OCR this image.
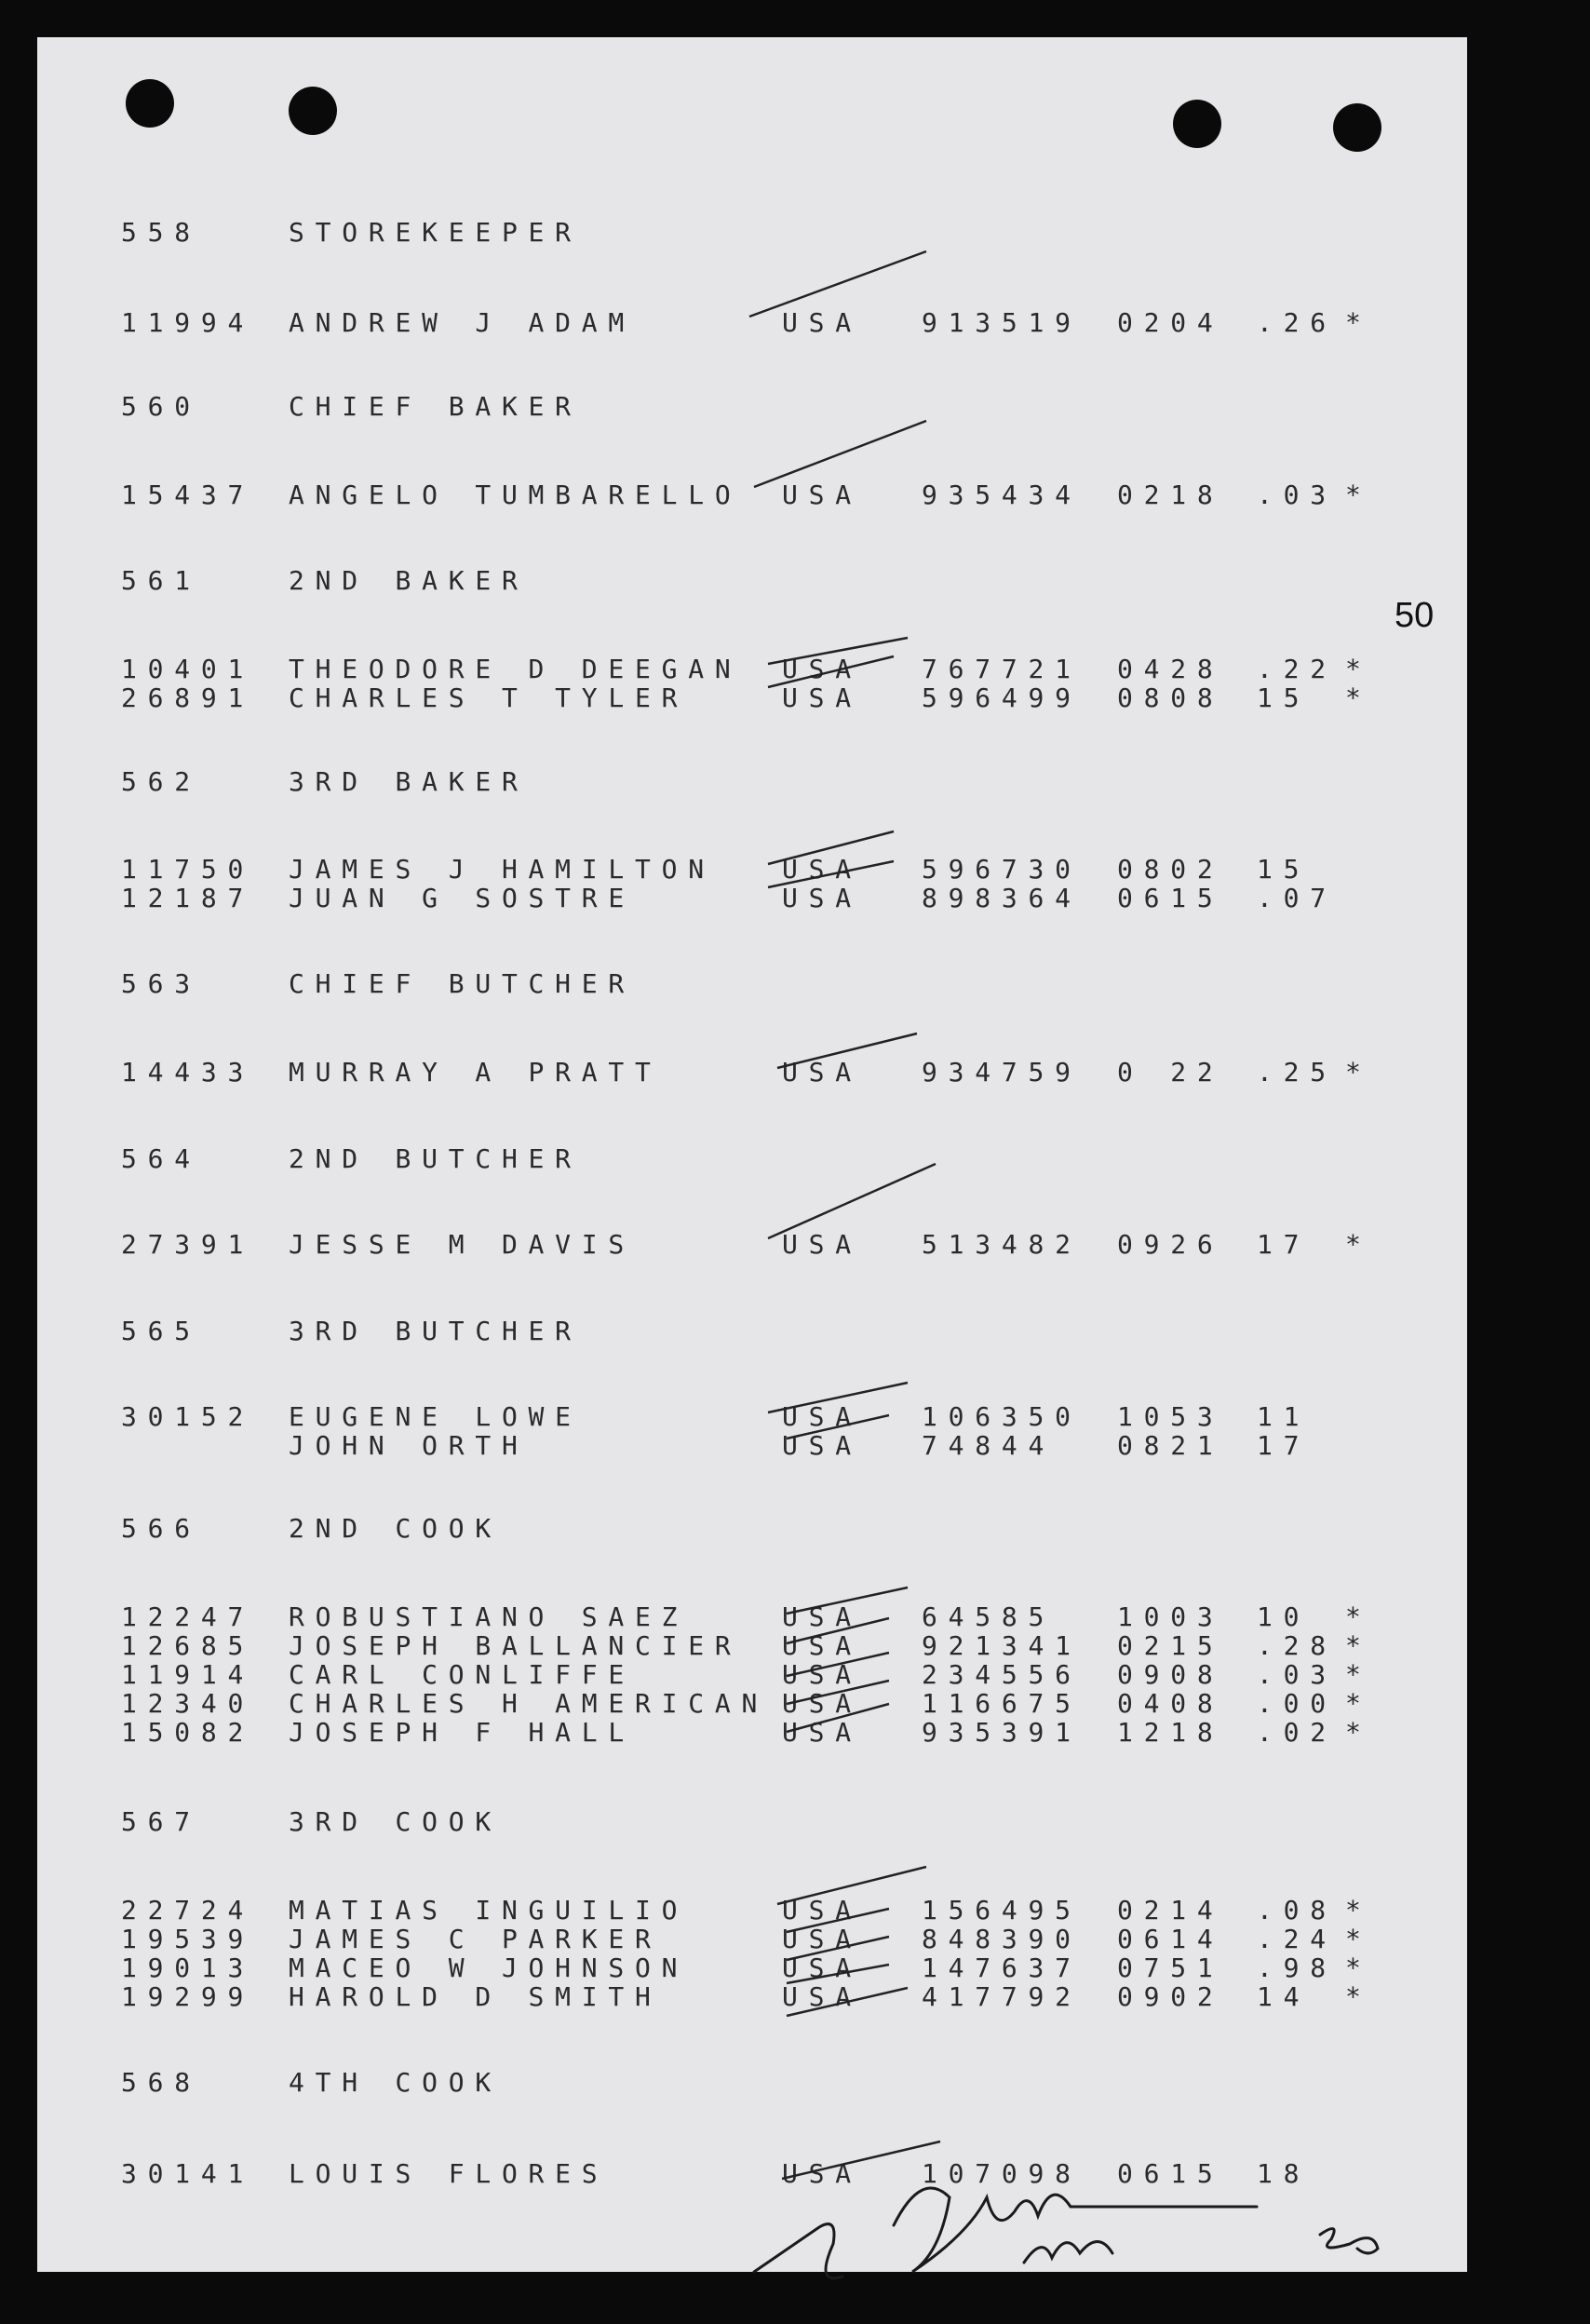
50
558	STOREKEEPER
11994 ANDREW J ADAM	USA 913519 0204 .26 *
560	CHIEF BAKER
15437 ANGELO TUMBARELLO USA 935434 0218 .03 *
561	2ND BAKER
10401 THEODORE D DEEGAN USA 767721 0428 .22 *
26891 CHARLES T TYLER	USA 596499 0808 15 *
562	3RD BAKER
11750 JAMES J HAMILTON	USA 596730 0802 15
12187 JUAN G SOSTRE	USA 898364 0615 .07
563	CHIEF BUTCHER
14433 MURRAY A PRATT	USA 934759 0 22 .25 *
564	2ND BUTCHER
27391 JESSE M DAVIS	USA 513482 0926 17 *
565	3RD BUTCHER
30152 EUGENE LOWE	USA 106350 1053 11
JOHN ORTH	USA 74844 0821 17
566	2ND COOK
12247 ROBUSTIANO SAEZ	USA 64585 1003 10 *
12685 JOSEPH BALLANCIER USA 921341 0215 .28 *
11914 CARL CONLIFFE	USA 234556 0908 .03 *
12340 CHARLES H AMERICAN USA 116675 0408 .00 *
15082 JOSEPH F HALL	USA 935391 1218 .02 *
567	3RD COOK
22724 MATIAS INGUILIO	USA 156495 0214 .08 *
19539 JAMES C PARKER	USA 848390 0614 .24 *
19013 MACEO W JOHNSON	USA 147637 0751 .98 *
19299 HAROLD D SMITH	USA 417792 0902 14 *
568	4TH COOK
30141 LOUIS FLORES	USA 107098 0615 18
